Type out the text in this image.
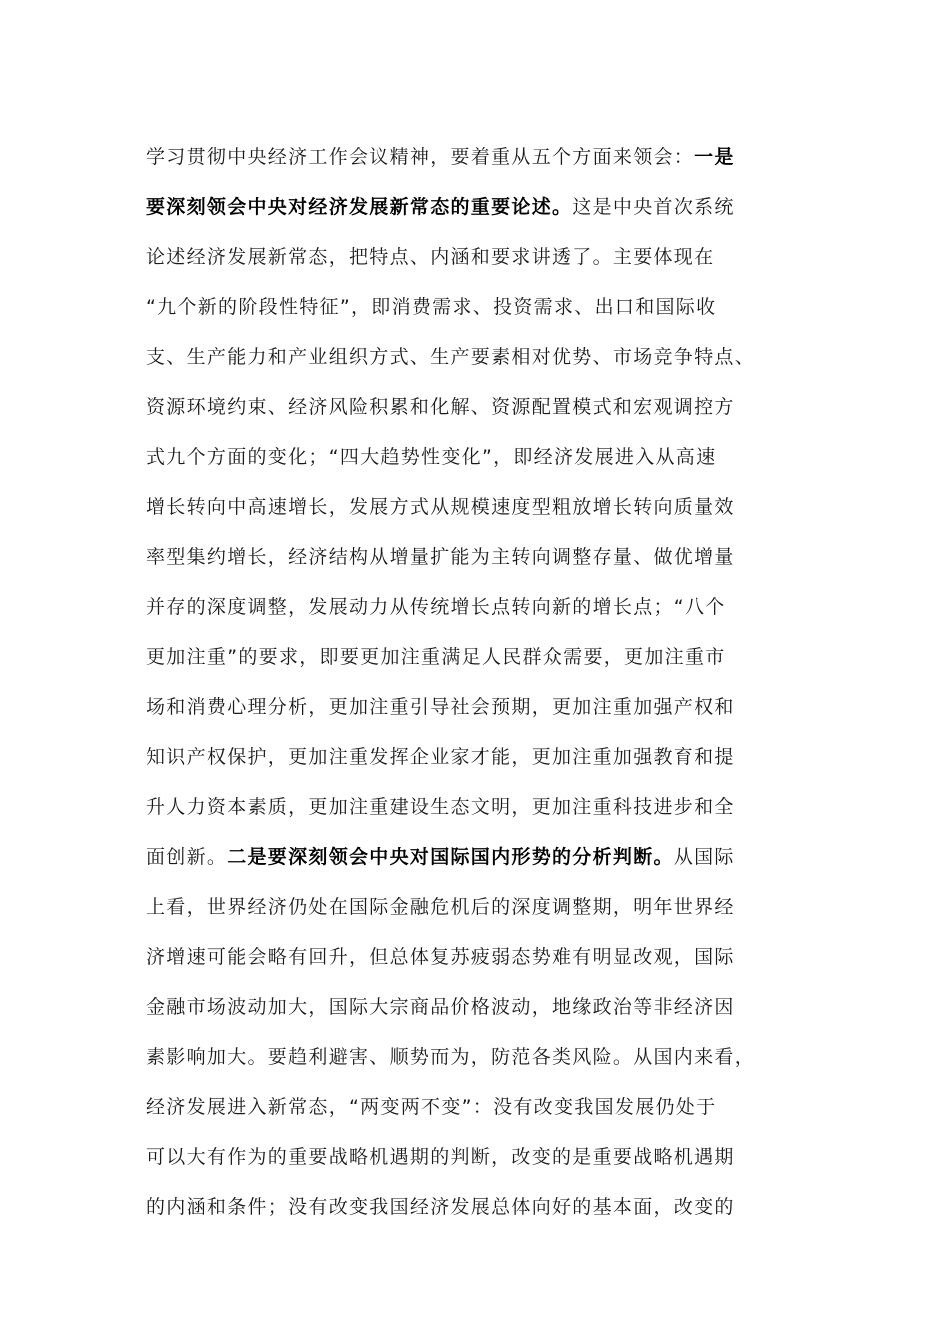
学习贯彻中央经济工作会议精神，要着重从五个方面来领会：一是
要深刻领会中央对经济发展新常态的重要论述。这是中央首次系统
论述经济发展新常态，把特点、内涵和要求讲透了。主要体现在
“九个新的阶段性特征”，即消费需求、投资需求、出口和国际收
支、生产能力和产业组织方式、生产要素相对优势、市场竞争特点、
资源环境约束、经济风险积累和化解、资源配置模式和宏观调控方
式九个方面的变化；“四大趋势性变化”，即经济发展进入从高速
增长转向中高速增长，发展方式从规模速度型粗放增长转向质量效
率型集约增长，经济结构从增量扩能为主转向调整存量、做优增量
并存的深度调整，发展动力从传统增长点转向新的增长点；“八个
更加注重”的要求，即要更加注重满足人民群众需要，更加注重市
场和消费心理分析，更加注重引导社会预期，更加注重加强产权和
知识产权保护，更加注重发挥企业家才能，更加注重加强教育和提
升人力资本素质，更加注重建设生态文明，更加注重科技进步和全
面创新。二是要深刻领会中央对国际国内形势的分析判断。从国际
上看，世界经济仍处在国际金融危机后的深度调整期，明年世界经
济增速可能会略有回升，但总体复苏疲弱态势难有明显改观，国际
金融市场波动加大，国际大宗商品价格波动，地缘政治等非经济因
素影响加大。要趋利避害、顺势而为，防范各类风险。从国内来看，
经济发展进入新常态，“两变两不变”：没有改变我国发展仍处于
可以大有作为的重要战略机遇期的判断，改变的是重要战略机遇期
的内涵和条件；没有改变我国经济发展总体向好的基本面，改变的
